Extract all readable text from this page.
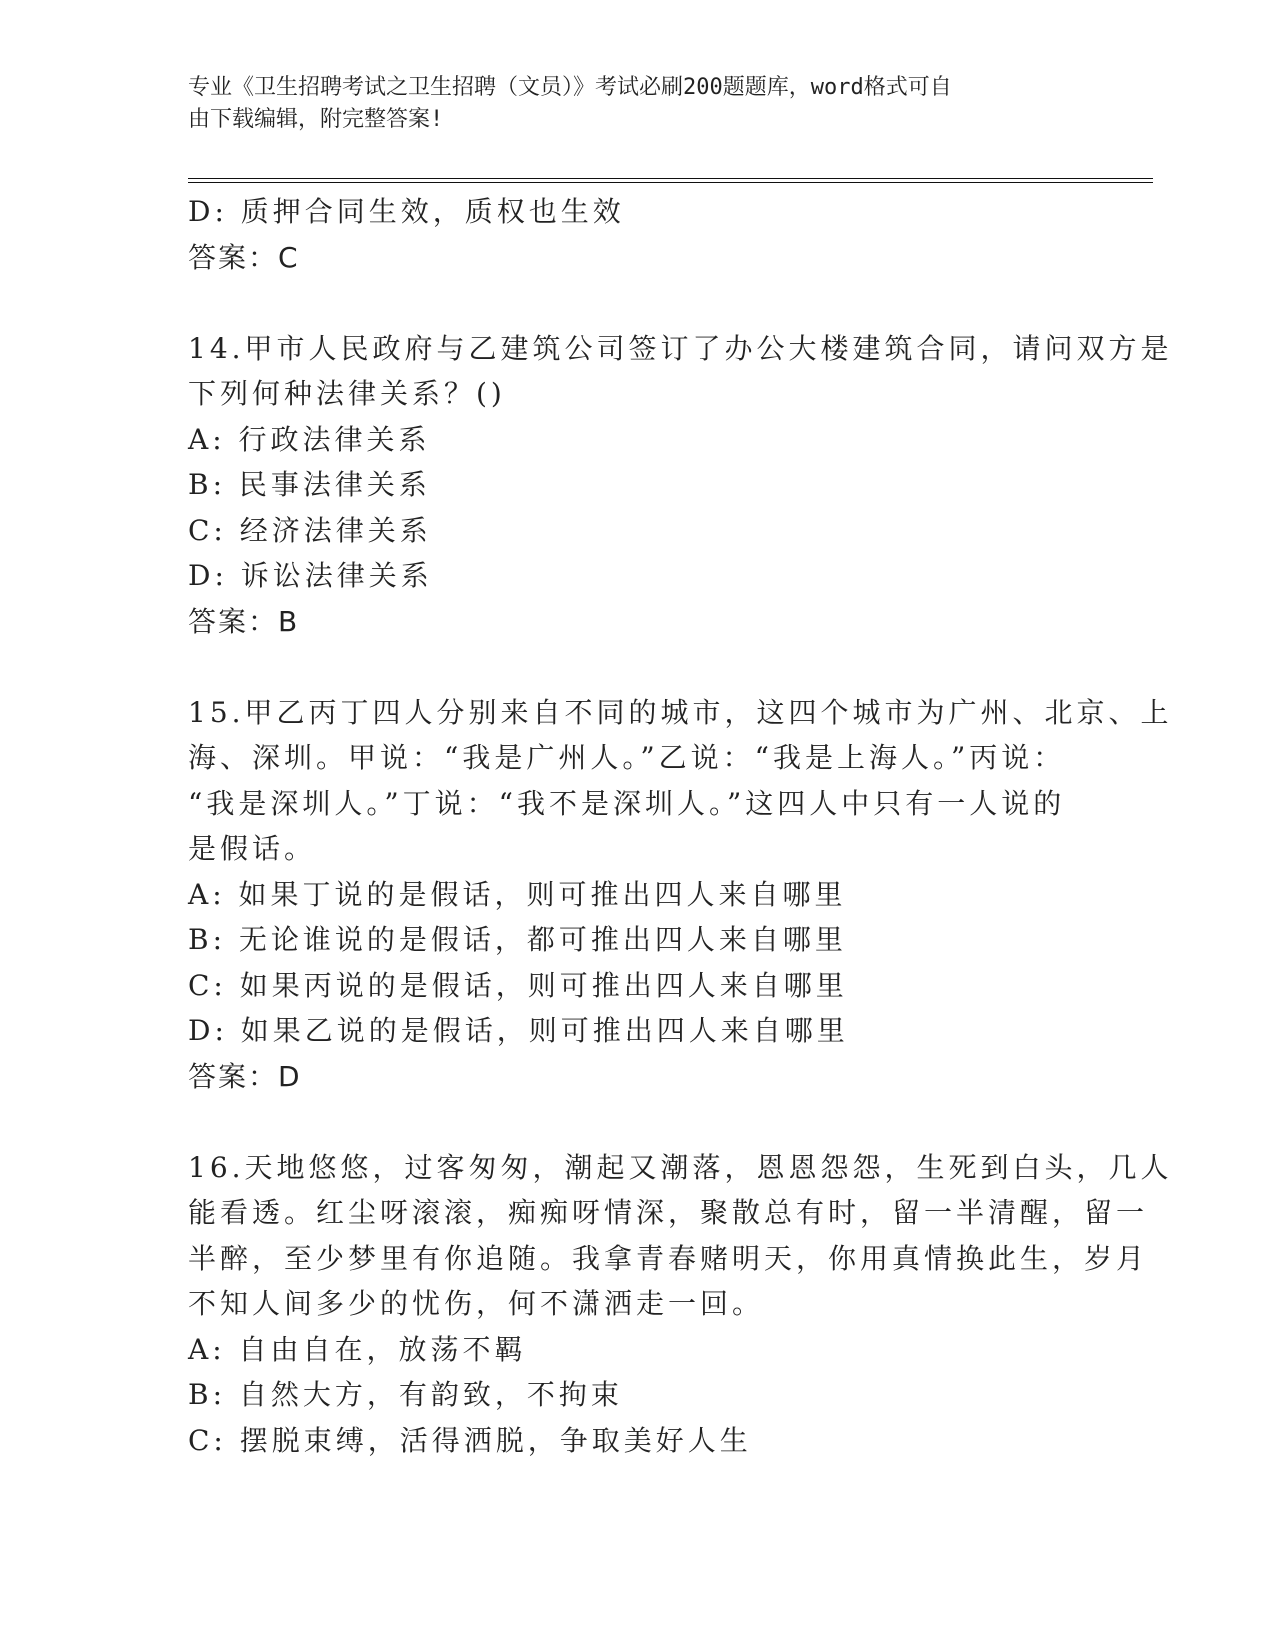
专业《卫生招聘考试之卫生招聘（文员）》考试必刷200题题库，word格式可自
由下载编辑，附完整答案!
D: 质押合同生效，质权也生效
答案：C
14.甲市人民政府与乙建筑公司签订了办公大楼建筑合同，请问双方是
下列何种法律关系？()
A: 行政法律关系
B: 民事法律关系
C: 经济法律关系
D: 诉讼法律关系
答案：B
15.甲乙丙丁四人分别来自不同的城市，这四个城市为广州、北京、上
海、深圳。甲说：“我是广州人。”乙说：“我是上海人。”丙说：
“我是深圳人。”丁说：“我不是深圳人。”这四人中只有一人说的
是假话。
A: 如果丁说的是假话，则可推出四人来自哪里
B: 无论谁说的是假话，都可推出四人来自哪里
C: 如果丙说的是假话，则可推出四人来自哪里
D: 如果乙说的是假话，则可推出四人来自哪里
答案：D
16.天地悠悠，过客匆匆，潮起又潮落，恩恩怨怨，生死到白头，几人
能看透。红尘呀滚滚，痴痴呀情深，聚散总有时，留一半清醒，留一
半醉，至少梦里有你追随。我拿青春赌明天，你用真情换此生，岁月
不知人间多少的忧伤，何不潇洒走一回。
A: 自由自在，放荡不羁
B: 自然大方，有韵致，不拘束
C: 摆脱束缚，活得洒脱，争取美好人生
